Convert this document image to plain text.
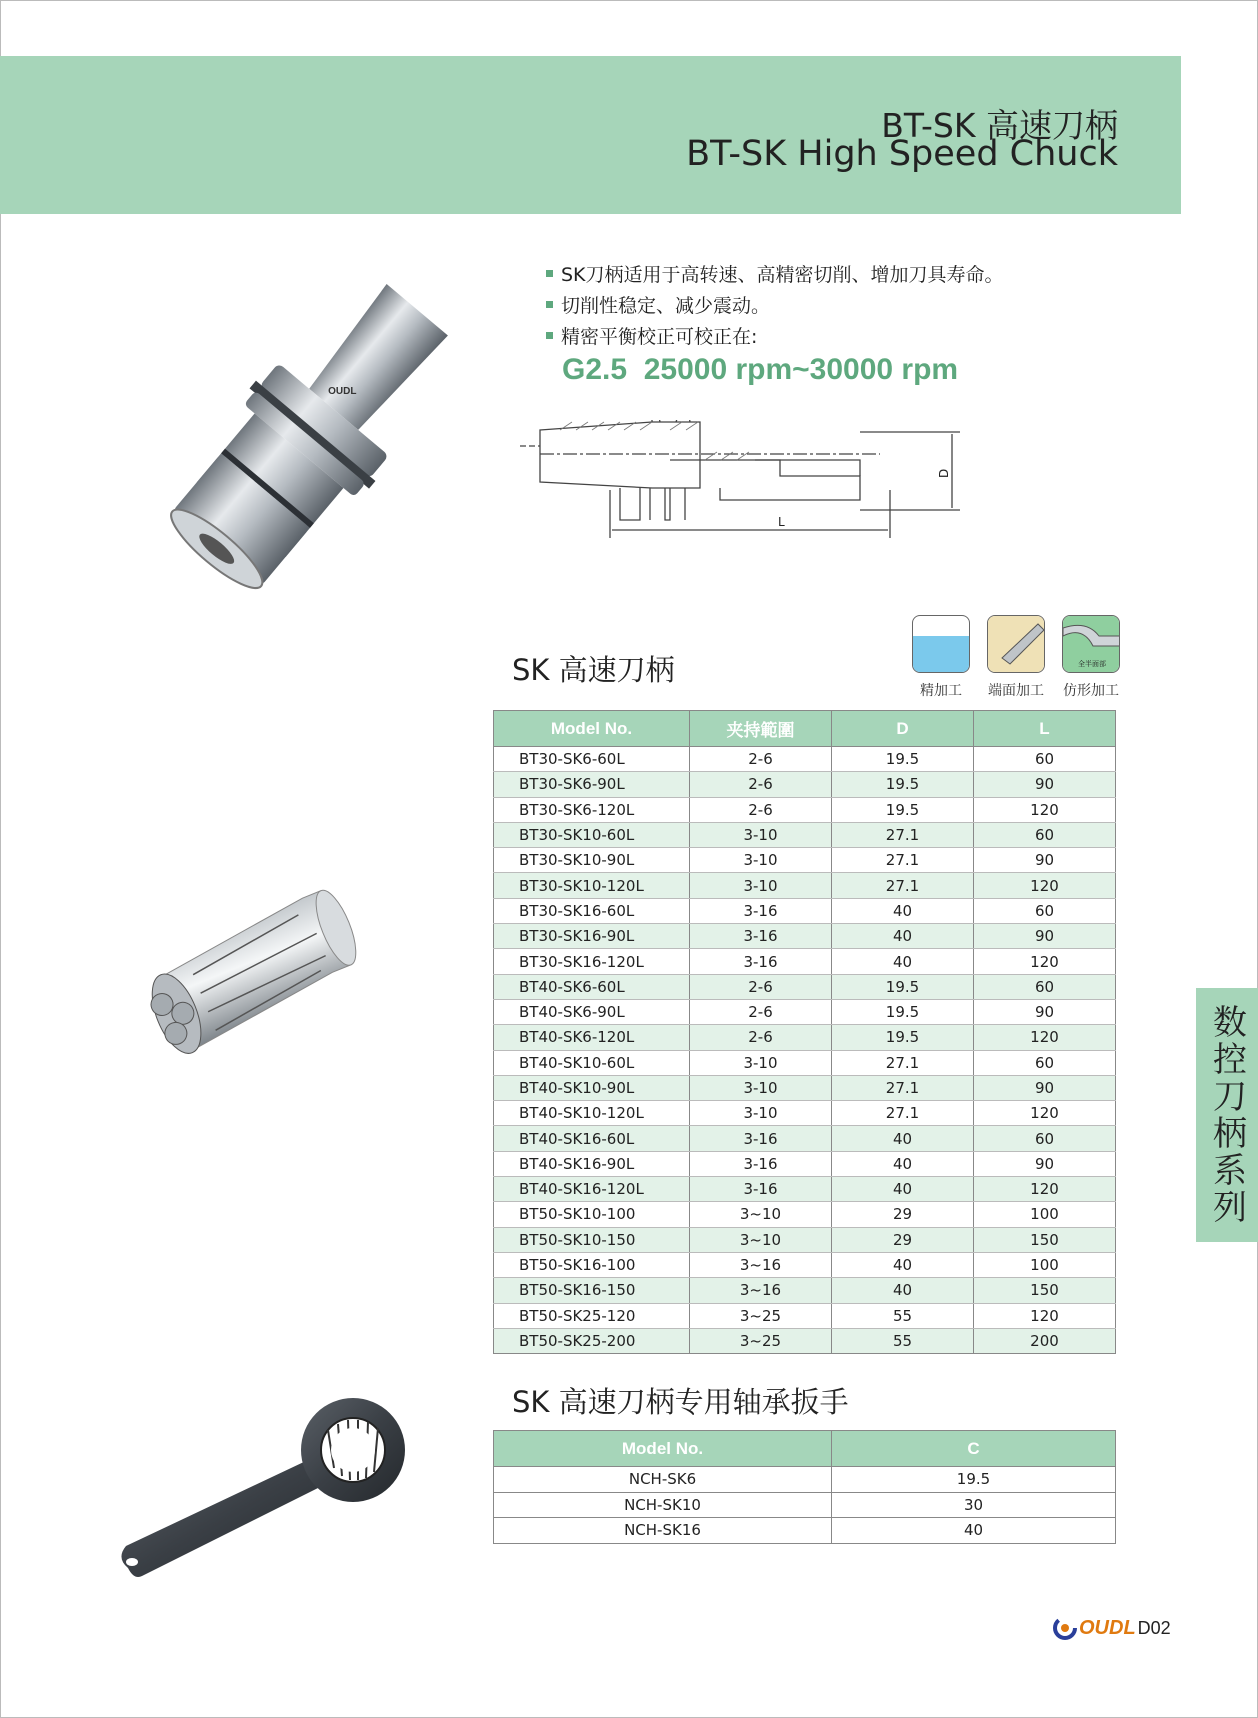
BT-SK 高速刀柄
BT-SK High Speed Chuck
OUDL
SK刀柄适用于高转速、高精密切削、增加刀具寿命。
切削性稳定、减少震动。
精密平衡校正可校正在:
G2.5  25000 rpm~30000 rpm
D
L
SK 高速刀柄
精加工 端面加工
全半面部
仿形加工
Model No.	夹持範圍	D	L
BT30-SK6-60L	2-6	19.5	60
BT30-SK6-90L	2-6	19.5	90
BT30-SK6-120L	2-6	19.5	120
BT30-SK10-60L	3-10	27.1	60
BT30-SK10-90L	3-10	27.1	90
BT30-SK10-120L	3-10	27.1	120
BT30-SK16-60L	3-16	40	60
BT30-SK16-90L	3-16	40	90
BT30-SK16-120L	3-16	40	120
BT40-SK6-60L	2-6	19.5	60
BT40-SK6-90L	2-6	19.5	90
BT40-SK6-120L	2-6	19.5	120
BT40-SK10-60L	3-10	27.1	60
BT40-SK10-90L	3-10	27.1	90
BT40-SK10-120L	3-10	27.1	120
BT40-SK16-60L	3-16	40	60
BT40-SK16-90L	3-16	40	90
BT40-SK16-120L	3-16	40	120
BT50-SK10-100	3~10	29	100
BT50-SK10-150	3~10	29	150
BT50-SK16-100	3~16	40	100
BT50-SK16-150	3~16	40	150
BT50-SK25-120	3~25	55	120
BT50-SK25-200	3~25	55	200
数控刀柄系列
SK 高速刀柄专用轴承扳手
Model No.	C
NCH-SK6	19.5
NCH-SK10	30
NCH-SK16	40
OUDL D02
